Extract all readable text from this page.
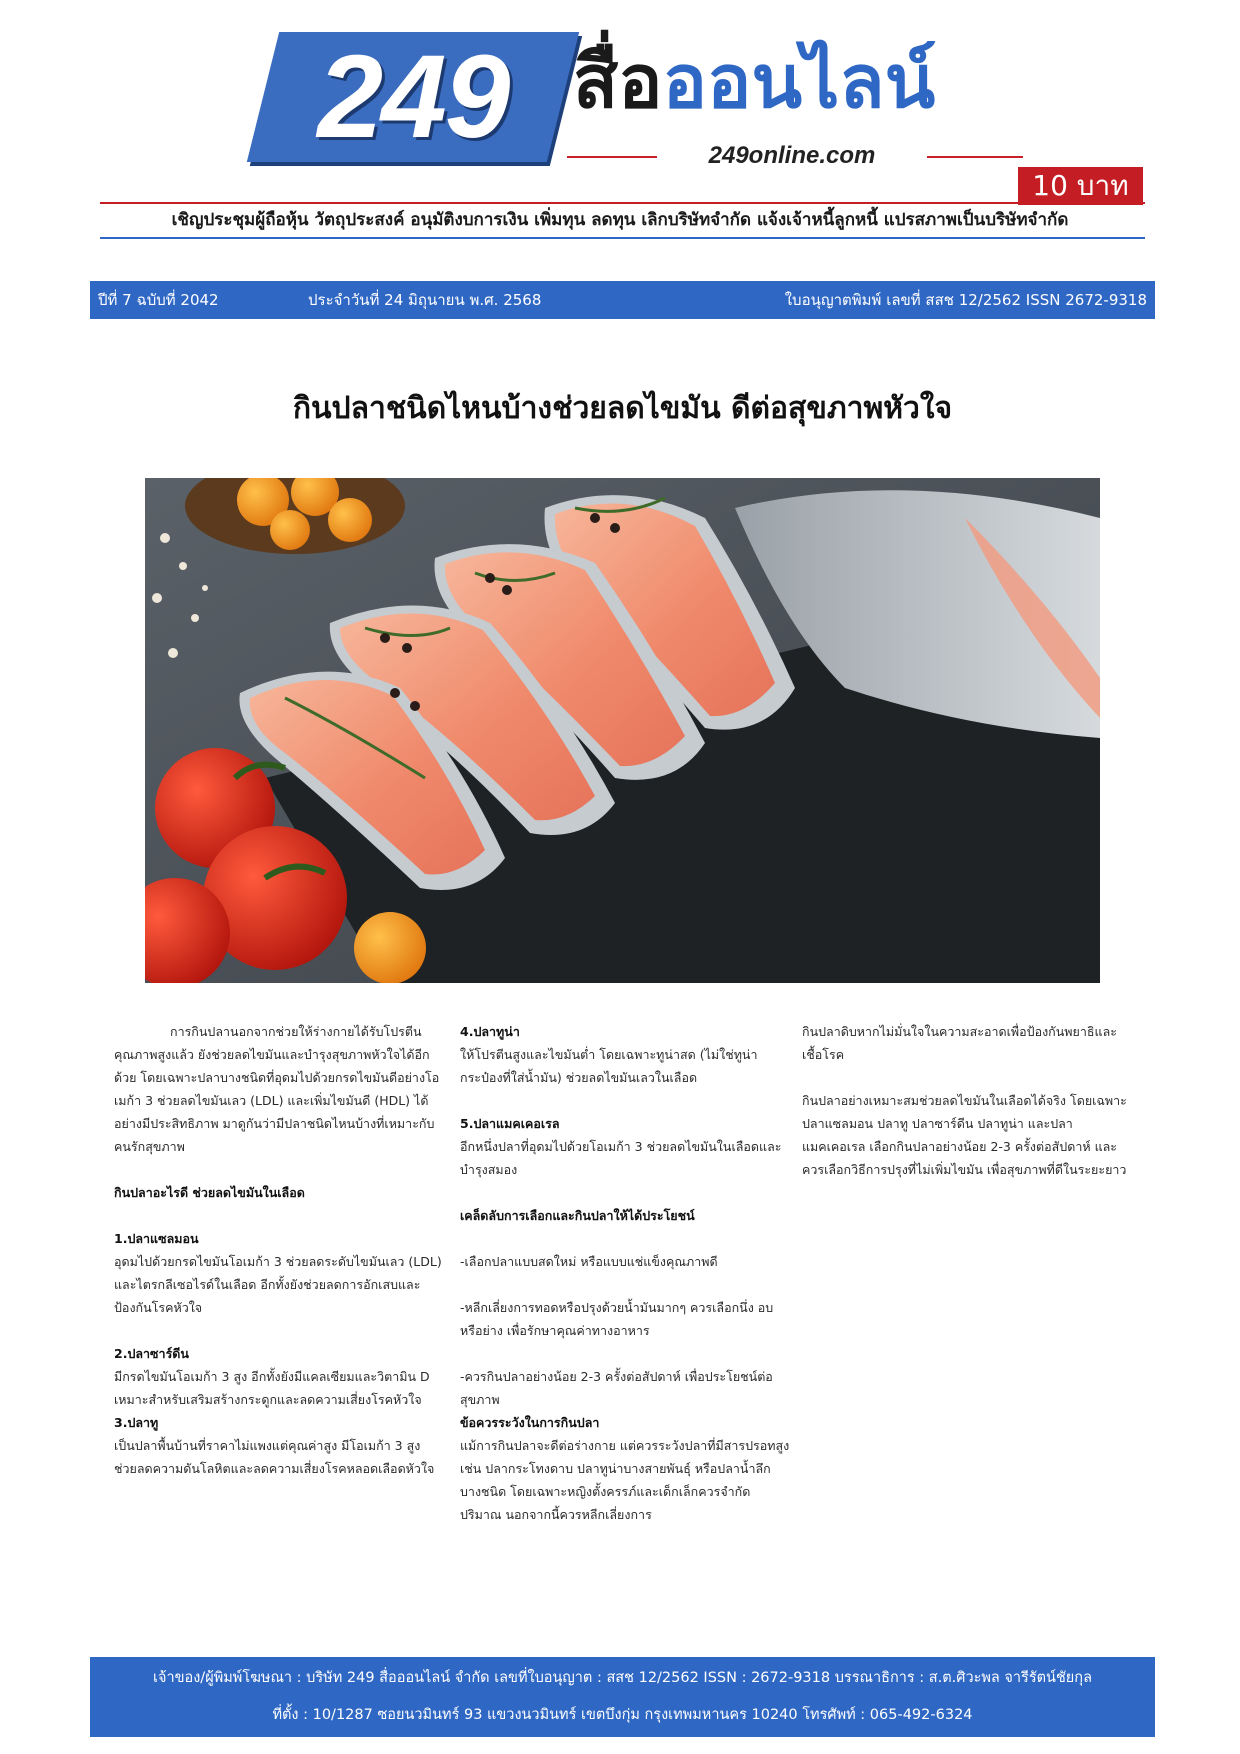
249 สื่อออนไลน์
249online.com
10 บาท
เชิญประชุมผู้ถือหุ้น วัตถุประสงค์ อนุมัติงบการเงิน เพิ่มทุน ลดทุน เลิกบริษัทจำกัด แจ้งเจ้าหนี้ลูกหนี้ แปรสภาพเป็นบริษัทจำกัด
ปีที่ 7 ฉบับที่ 2042	ประจำวันที่ 24 มิถุนายน พ.ศ. 2568	ใบอนุญาตพิมพ์ เลขที่ สสช 12/2562 ISSN 2672-9318
กินปลาชนิดไหนบ้างช่วยลดไขมัน ดีต่อสุขภาพหัวใจ

การกินปลานอกจากช่วยให้ร่างกายได้รับโปรตีนคุณภาพสูงแล้ว ยังช่วยลดไขมันและบำรุงสุขภาพหัวใจได้อีกด้วย โดยเฉพาะปลาบางชนิดที่อุดมไปด้วยกรดไขมันดีอย่างโอเมก้า 3 ช่วยลดไขมันเลว (LDL) และเพิ่มไขมันดี (HDL) ได้อย่างมีประสิทธิภาพ มาดูกันว่ามีปลาชนิดไหนบ้างที่เหมาะกับคนรักสุขภาพ

กินปลาอะไรดี ช่วยลดไขมันในเลือด

1.ปลาแซลมอน

อุดมไปด้วยกรดไขมันโอเมก้า 3 ช่วยลดระดับไขมันเลว (LDL) และไตรกลีเซอไรด์ในเลือด อีกทั้งยังช่วยลดการอักเสบและป้องกันโรคหัวใจ

2.ปลาซาร์ดีน

มีกรดไขมันโอเมก้า 3 สูง อีกทั้งยังมีแคลเซียมและวิตามิน D เหมาะสำหรับเสริมสร้างกระดูกและลดความเสี่ยงโรคหัวใจ

3.ปลาทู

เป็นปลาพื้นบ้านที่ราคาไม่แพงแต่คุณค่าสูง มีโอเมก้า 3 สูง ช่วยลดความดันโลหิตและลดความเสี่ยงโรคหลอดเลือดหัวใจ

4.ปลาทูน่า

ให้โปรตีนสูงและไขมันต่ำ โดยเฉพาะทูน่าสด (ไม่ใช่ทูน่ากระป๋องที่ใส่น้ำมัน) ช่วยลดไขมันเลวในเลือด

5.ปลาแมคเคอเรล

อีกหนึ่งปลาที่อุดมไปด้วยโอเมก้า 3 ช่วยลดไขมันในเลือดและบำรุงสมอง

เคล็ดลับการเลือกและกินปลาให้ได้ประโยชน์

-เลือกปลาแบบสดใหม่ หรือแบบแช่แข็งคุณภาพดี

-หลีกเลี่ยงการทอดหรือปรุงด้วยน้ำมันมากๆ ควรเลือกนึ่ง อบ หรือย่าง เพื่อรักษาคุณค่าทางอาหาร

-ควรกินปลาอย่างน้อย 2-3 ครั้งต่อสัปดาห์ เพื่อประโยชน์ต่อสุขภาพ

ข้อควรระวังในการกินปลา

แม้การกินปลาจะดีต่อร่างกาย แต่ควรระวังปลาที่มีสารปรอทสูง เช่น ปลากระโทงดาบ ปลาทูน่าบางสายพันธุ์ หรือปลาน้ำลึกบางชนิด โดยเฉพาะหญิงตั้งครรภ์และเด็กเล็กควรจำกัดปริมาณ นอกจากนี้ควรหลีกเลี่ยงการ

กินปลาดิบหากไม่มั่นใจในความสะอาดเพื่อป้องกันพยาธิและเชื้อโรค

กินปลาอย่างเหมาะสมช่วยลดไขมันในเลือดได้จริง โดยเฉพาะปลาแซลมอน ปลาทู ปลาซาร์ดีน ปลาทูน่า และปลาแมคเคอเรล เลือกกินปลาอย่างน้อย 2-3 ครั้งต่อสัปดาห์ และควรเลือกวิธีการปรุงที่ไม่เพิ่มไขมัน เพื่อสุขภาพที่ดีในระยะยาว

เจ้าของ/ผู้พิมพ์โฆษณา : บริษัท 249 สื่อออนไลน์ จำกัด เลขที่ใบอนุญาต : สสช 12/2562 ISSN : 2672-9318 บรรณาธิการ : ส.ต.ศิวะพล จารีรัตน์ชัยกุล
ที่ตั้ง : 10/1287 ซอยนวมินทร์ 93 แขวงนวมินทร์ เขตบึงกุ่ม กรุงเทพมหานคร 10240 โทรศัพท์ : 065-492-6324
